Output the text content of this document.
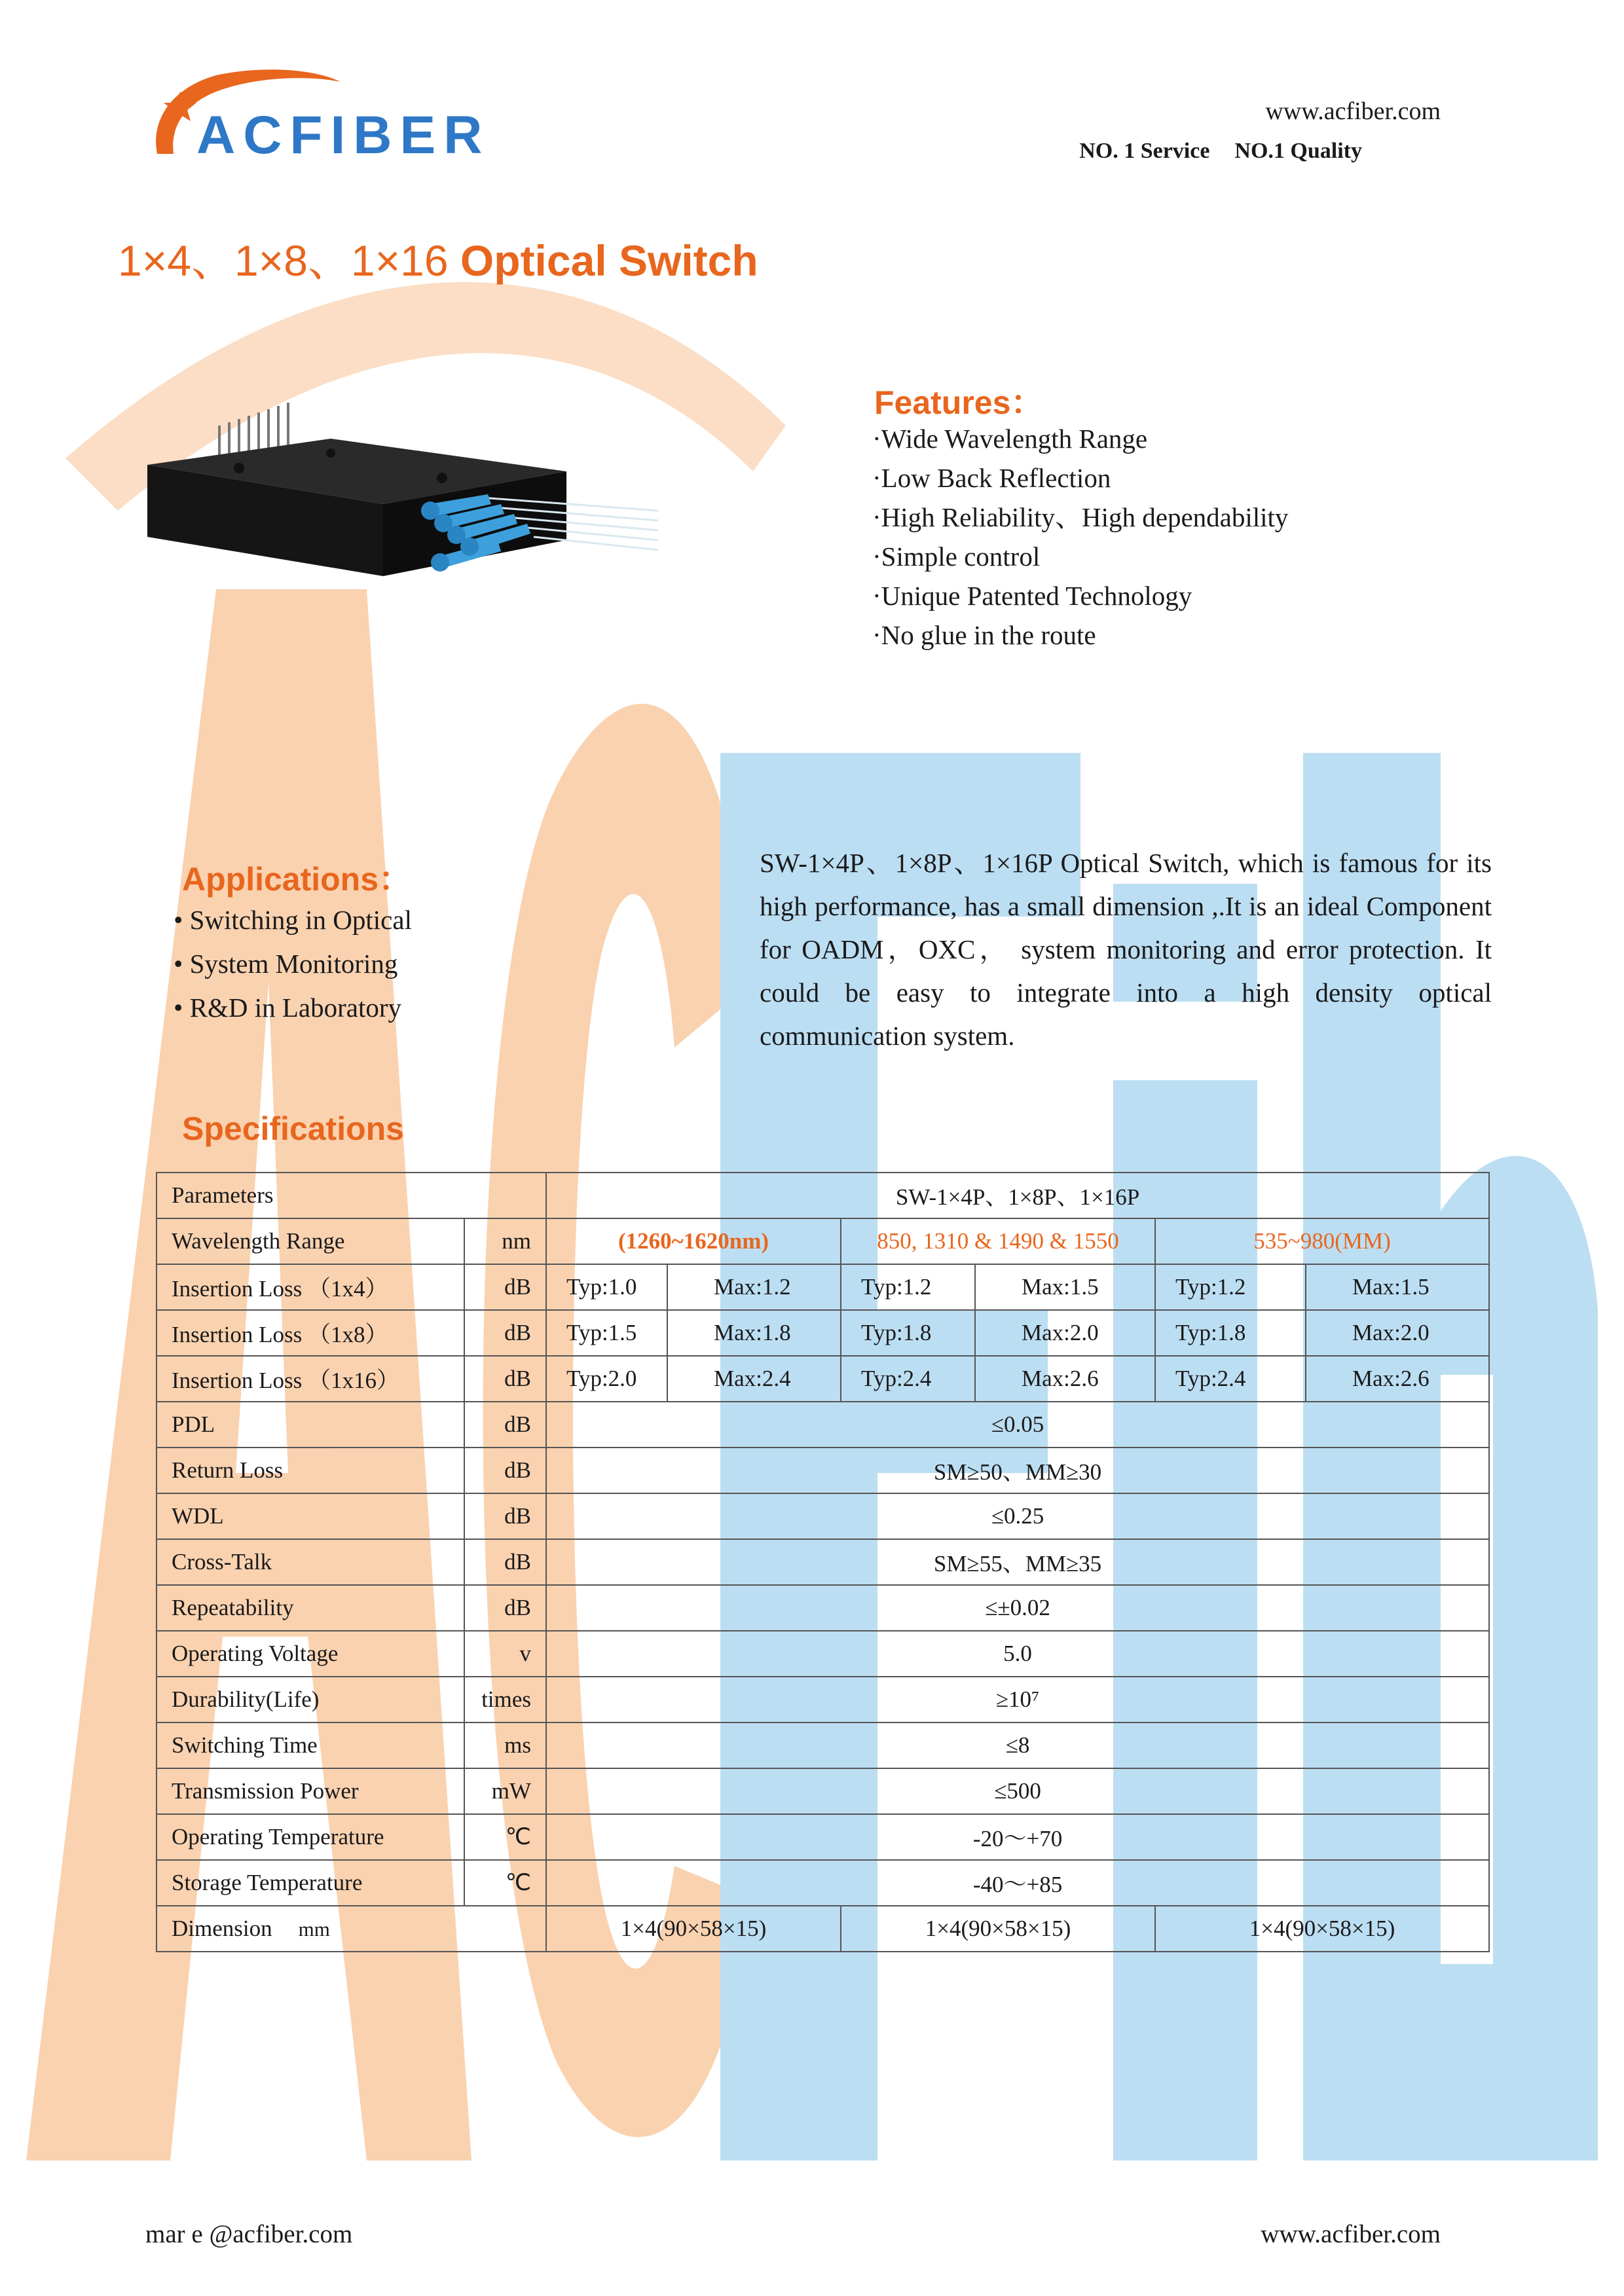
ACFIBER	www.acfiber.com
NO. 1 Service NO.1 Quality
1×4、1×8、1×16 Optical Switch
Features：
·Wide Wavelength Range
·Low Back Reflection
·High Reliability、High dependability
·Simple control
·Unique Patented Technology
·No glue in the route
Applications：
• Switching in Optical
• System Monitoring
• R&D in Laboratory
SW-1×4P、1×8P、1×16P Optical Switch, which is famous for its high performance, has a small dimension ,.It is an ideal Component for OADM，OXC， system monitoring and error protection. It could be easy to integrate into a high density optical communication system.
Specifications
Parameters		SW-1×4P、1×8P、1×16P					
Wavelength Range	nm	(1260~1620nm)		850, 1310 & 1490 & 1550		535~980(MM)	
Insertion Loss （1x4）	dB	Typ:1.0	Max:1.2	Typ:1.2	Max:1.5	Typ:1.2	Max:1.5
Insertion Loss （1x8）	dB	Typ:1.5	Max:1.8	Typ:1.8	Max:2.0	Typ:1.8	Max:2.0
Insertion Loss （1x16）	dB	Typ:2.0	Max:2.4	Typ:2.4	Max:2.6	Typ:2.4	Max:2.6
PDL	dB	≤0.05					
Return Loss	dB	SM≥50、MM≥30					
WDL	dB	≤0.25					
Cross-Talk	dB	SM≥55、MM≥35					
Repeatability	dB	≤±0.02					
Operating Voltage	v	5.0					
Durability(Life)	times	≥10⁷					
Switching Time	ms	≤8					
Transmission Power	mW	≤500					
Operating Temperature	℃	-20～+70					
Storage Temperature	℃	-40～+85					
Dimension mm		1×4(90×58×15)		1×4(90×58×15)		1×4(90×58×15)	
mar e @acfiber.com	www.acfiber.com
